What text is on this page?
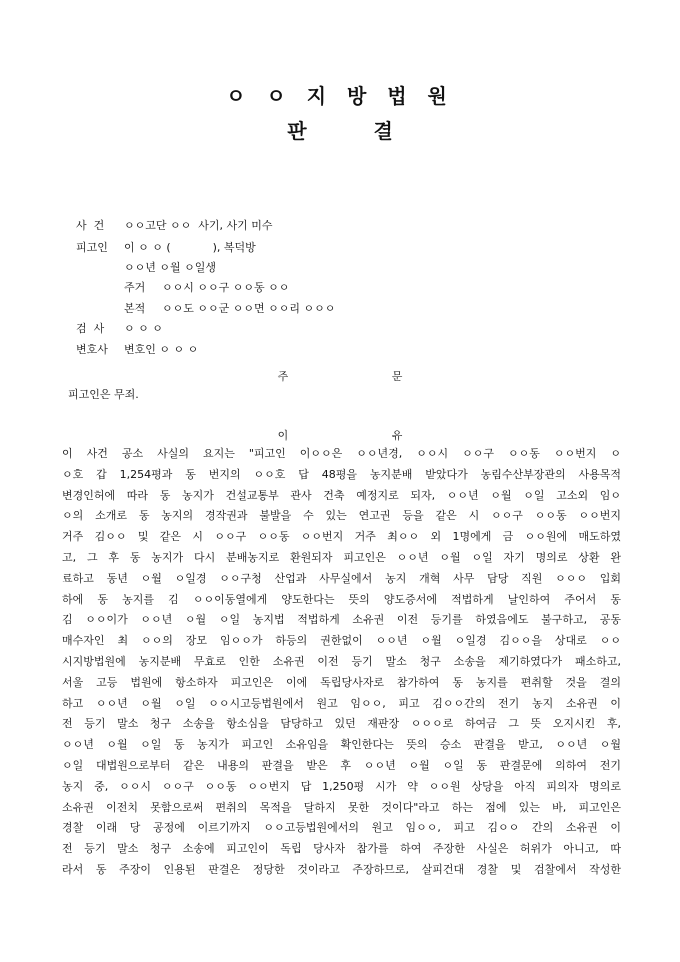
ㅇ ㅇ 지 방 법 원
판 결

사  건 ㅇㅇ고단 ㅇㅇ  사기, 사기 미수

피고인 이 ㅇ ㅇ (            ), 복덕방

ㅇㅇ년 ㅇ월 ㅇ일생

주거 ㅇㅇ시 ㅇㅇ구 ㅇㅇ동 ㅇㅇ

본적 ㅇㅇ도 ㅇㅇ군 ㅇㅇ면 ㅇㅇ리 ㅇㅇㅇ

검  사 ㅇ ㅇ ㅇ

변호사 변호인 ㅇ ㅇ ㅇ

주 문
피고인은 무죄.
이 유
이 사건 공소 사실의 요지는 "피고인 이ㅇㅇ은 ㅇㅇ년경, ㅇㅇ시 ㅇㅇ구 ㅇㅇ동 ㅇㅇ번지 ㅇ
ㅇ호 갑 1,254평과 동 번지의 ㅇㅇ호 답 48평을 농지분배 받았다가 농림수산부장관의 사용목적
변경인허에 따라 동 농지가 건설교통부 관사 건축 예정지로 되자, ㅇㅇ년 ㅇ월 ㅇ일 고소외 임ㅇ
ㅇ의 소개로 동 농지의 경작권과 불발을 수 있는 연고권 등을 같은 시 ㅇㅇ구 ㅇㅇ동 ㅇㅇ번지
거주 김ㅇㅇ 및 같은 시 ㅇㅇ구 ㅇㅇ동 ㅇㅇ번지 거주 최ㅇㅇ 외 1명에게 금 ㅇㅇ원에 매도하였
고, 그 후 동 농지가 다시 분배농지로 환원되자 피고인은 ㅇㅇ년 ㅇ월 ㅇ일 자기 명의로 상환 완
료하고 동년 ㅇ월 ㅇ일경 ㅇㅇ구청 산업과 사무실에서 농지 개혁 사무 담당 직원 ㅇㅇㅇ 입회
하에 동 농지를 김 ㅇㅇ이동열에게 양도한다는 뜻의 양도증서에 적법하게 날인하여 주어서 동
김 ㅇㅇ이가 ㅇㅇ년 ㅇ월 ㅇ일 농지법 적법하게 소유권 이전 등기를 하였음에도 불구하고, 공동
매수자인 최 ㅇㅇ의 장모 임ㅇㅇ가 하등의 권한없이 ㅇㅇ년 ㅇ월 ㅇ일경 김ㅇㅇ을 상대로 ㅇㅇ
시지방법원에 농지분배 무효로 인한 소유권 이전 등기 말소 청구 소송을 제기하였다가 패소하고,
서울 고등 법원에 항소하자 피고인은 이에 독립당사자로 참가하여 동 농지를 편취할 것을 결의
하고 ㅇㅇ년 ㅇ월 ㅇ일 ㅇㅇ시고등법원에서 원고 임ㅇㅇ, 피고 김ㅇㅇ간의 전기 농지 소유권 이
전 등기 말소 청구 소송을 항소심을 담당하고 있던 재판장 ㅇㅇㅇ로 하여금 그 뜻 오지시킨 후,
ㅇㅇ년 ㅇ월 ㅇ일 동 농지가 피고인 소유임을 확인한다는 뜻의 승소 판결을 받고, ㅇㅇ년 ㅇ월
ㅇ일 대법원으로부터 같은 내용의 판결을 받은 후 ㅇㅇ년 ㅇ월 ㅇ일 동 판결문에 의하여 전기
농지 중, ㅇㅇ시 ㅇㅇ구 ㅇㅇ동 ㅇㅇ번지 답 1,250평 시가 약 ㅇㅇ원 상당을 아직 피의자 명의로
소유권 이전치 못함으로써 편취의 목적을 달하지 못한 것이다"라고 하는 점에 있는 바, 피고인은
경찰 이래 당 공정에 이르기까지 ㅇㅇ고등법원에서의 원고 임ㅇㅇ, 피고 김ㅇㅇ 간의 소유권 이
전 등기 말소 청구 소송에 피고인이 독립 당사자 참가를 하여 주장한 사실은 허위가 아니고, 따
라서 동 주장이 인용된 판결은 정당한 것이라고 주장하므로, 살피건대 경찰 및 검찰에서 작성한
